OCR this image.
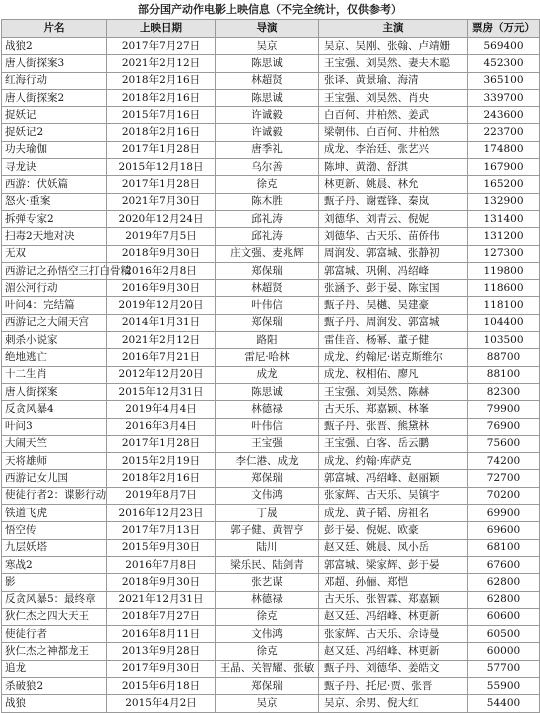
部分国产动作电影上映信息（不完全统计，仅供参考）
片名	上映日期	导演	主演	票房（万元）
战狼2	2017年7月27日	吴京	吴京、吴刚、张翰、卢靖姗	569400
唐人街探案3	2021年2月12日	陈思诚	王宝强、刘昊然、妻夫木聪	452300
红海行动	2018年2月16日	林超贤	张译、黄景瑜、海清	365100
唐人街探案2	2018年2月16日	陈思诚	王宝强、刘昊然、肖央	339700
捉妖记	2015年7月16日	许诚毅	白百何、井柏然、姜武	243600
捉妖记2	2018年2月16日	许诚毅	梁朝伟、白百何、井柏然	223700
功夫瑜伽	2017年1月28日	唐季礼	成龙、李治廷、张艺兴	174800
寻龙诀	2015年12月18日	乌尔善	陈坤、黄渤、舒淇	167900
西游：伏妖篇	2017年1月28日	徐克	林更新、姚晨、林允	165200
怒火·重案	2021年7月30日	陈木胜	甄子丹、谢霆锋、秦岚	132900
拆弹专家2	2020年12月24日	邱礼涛	刘德华、刘青云、倪妮	131400
扫毒2天地对决	2019年7月5日	邱礼涛	刘德华、古天乐、苗侨伟	131200
无双	2018年9月30日	庄文强、麦兆辉	周润发、郭富城、张静初	127300
西游记之孙悟空三打白骨精	2016年2月8日	郑保瑞	郭富城、巩俐、冯绍峰	119800
湄公河行动	2016年9月30日	林超贤	张涵予、彭于晏、陈宝国	118600
叶问4：完结篇	2019年12月20日	叶伟信	甄子丹、吴樾、吴建豪	118100
西游记之大闹天宫	2014年1月31日	郑保瑞	甄子丹、周润发、郭富城	104400
刺杀小说家	2021年2月12日	路阳	雷佳音、杨幂、董子健	103500
绝地逃亡	2016年7月21日	雷尼·哈林	成龙、约翰尼·诺克斯维尔	88700
十二生肖	2012年12月20日	成龙	成龙、权相佑、廖凡	88100
唐人街探案	2015年12月31日	陈思诚	王宝强、刘昊然、陈赫	82300
反贪风暴4	2019年4月4日	林德禄	古天乐、郑嘉颖、林峯	79900
叶问3	2016年3月4日	叶伟信	甄子丹、张晋、熊黛林	76900
大闹天竺	2017年1月28日	王宝强	王宝强、白客、岳云鹏	75600
天将雄师	2015年2月19日	李仁港、成龙	成龙、约翰·库萨克	74200
西游记女儿国	2018年2月16日	郑保瑞	郭富城、冯绍峰、赵丽颖	72700
使徒行者2：谍影行动	2019年8月7日	文伟鸿	张家辉、古天乐、吴镇宇	70200
铁道飞虎	2016年12月23日	丁晟	成龙、黄子韬、房祖名	69900
悟空传	2017年7月13日	郭子健、黄智亨	彭于晏、倪妮、欧豪	69600
九层妖塔	2015年9月30日	陆川	赵又廷、姚晨、凤小岳	68100
寒战2	2016年7月8日	梁乐民、陆剑青	郭富城、梁家辉、彭于晏	67600
影	2018年9月30日	张艺谋	邓超、孙俪、郑恺	62800
反贪风暴5：最终章	2021年12月31日	林德禄	古天乐、张智霖、郑嘉颖	62800
狄仁杰之四大天王	2018年7月27日	徐克	赵又廷、冯绍峰、林更新	60600
使徒行者	2016年8月11日	文伟鸿	张家辉、古天乐、佘诗曼	60500
狄仁杰之神都龙王	2013年9月28日	徐克	赵又廷、冯绍峰、林更新	60000
追龙	2017年9月30日	王晶、关智耀、张敏	甄子丹、刘德华、姜皓文	57700
杀破狼2	2015年6月18日	郑保瑞	甄子丹、托尼·贾、张晋	55900
战狼	2015年4月2日	吴京	吴京、余男、倪大红	54400
